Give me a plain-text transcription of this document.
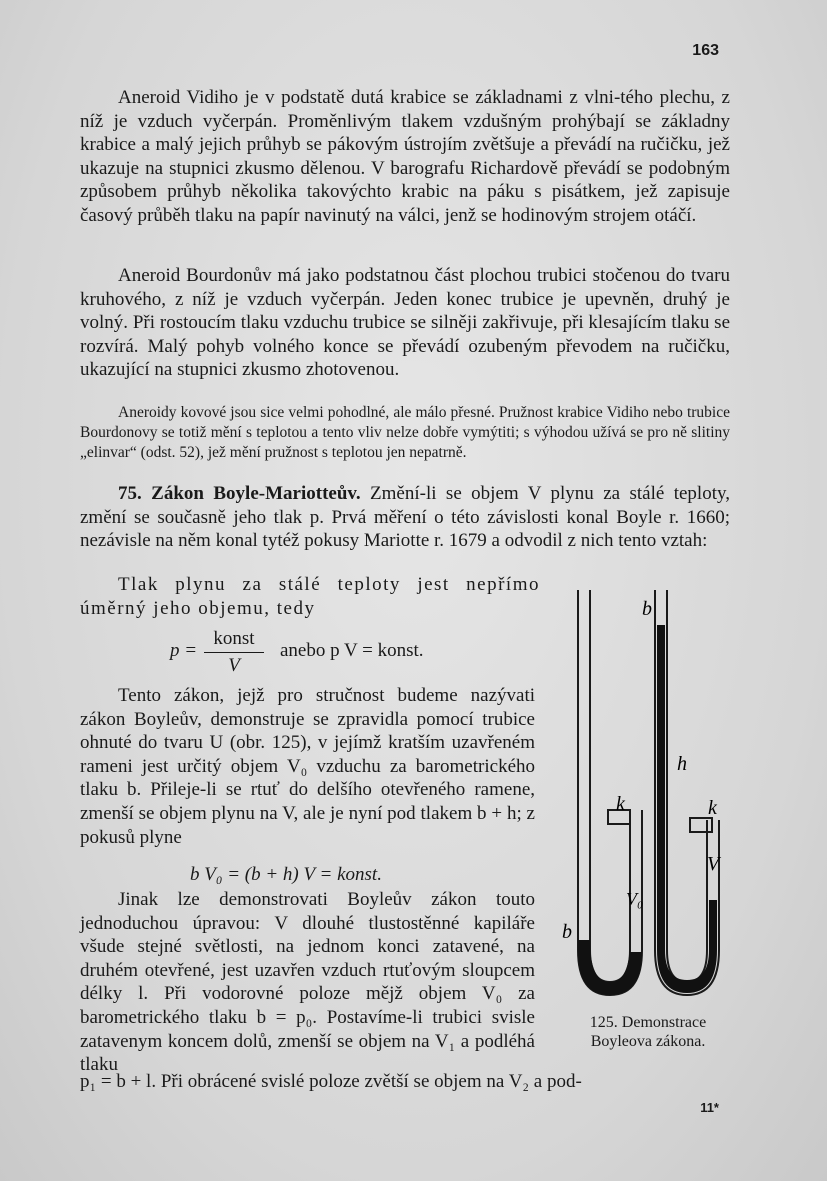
163

Aneroid Vidiho je v podstatě dutá krabice se základnami z vlni-tého plechu, z níž je vzduch vyčerpán. Proměnlivým tlakem vzdušným prohýbají se základny krabice a malý jejich průhyb se pákovým ústrojím zvětšuje a převádí na ručičku, jež ukazuje na stupnici zkusmo dělenou. V barografu Richardově převádí se podobným způsobem průhyb několika takovýchto krabic na páku s pisátkem, jež zapisuje časový průběh tlaku na papír navinutý na válci, jenž se hodinovým strojem otáčí.

Aneroid Bourdonův má jako podstatnou část plochou trubici stočenou do tvaru kruhového, z níž je vzduch vyčerpán. Jeden konec trubice je upevněn, druhý je volný. Při rostoucím tlaku vzduchu trubice se silněji zakřivuje, při klesajícím tlaku se rozvírá. Malý pohyb volného konce se převádí ozubeným převodem na ručičku, ukazující na stupnici zkusmo zhotovenou.

Aneroidy kovové jsou sice velmi pohodlné, ale málo přesné. Pružnost krabice Vidiho nebo trubice Bourdonovy se totiž mění s teplotou a tento vliv nelze dobře vymýtiti; s výhodou užívá se pro ně slitiny „elinvar“ (odst. 52), jež mění pružnost s teplotou jen nepatrně.

75. Zákon Boyle-Mariotteův. Změní-li se objem V plynu za stálé teploty, změní se současně jeho tlak p. Prvá měření o této závislosti konal Boyle r. 1660; nezávisle na něm konal tytéž pokusy Mariotte r. 1679 a odvodil z nich tento vztah:

Tlak plynu za stálé teploty jest nepřímo úměrný jeho objemu, tedy

p =
konst
V
anebo p V = konst.

Tento zákon, jejž pro stručnost budeme nazývati zákon Boyleův, demonstruje se zpravidla pomocí trubice ohnuté do tvaru U (obr. 125), v jejímž kratším uzavřeném rameni jest určitý objem V₀ vzduchu za barometrického tlaku b. Přileje-li se rtuť do delšího otevřeného ramene, zmenší se objem plynu na V, ale je nyní pod tlakem b + h; z pokusů plyne

b V₀ = (b + h) V = konst.

Jinak lze demonstrovati Boyleův zákon touto jednoduchou úpravou: V dlouhé tlustostěnné kapiláře všude stejné světlosti, na jednom konci zatavené, na druhém otevřené, jest uzavřen vzduch rtuťovým sloupcem délky l. Při vodorovné poloze mějž objem V₀ za barometrického tlaku b = p₀. Postavíme-li trubici svisle zatavenym koncem dolů, zmenší se objem na V₁ a podléhá tlaku

p₁ = b + l. Při obrácené svislé poloze zvětší se objem na V₂ a pod-

11*
b
h
k	k
V₀
V
b
125. Demonstrace Boyleova zákona.
